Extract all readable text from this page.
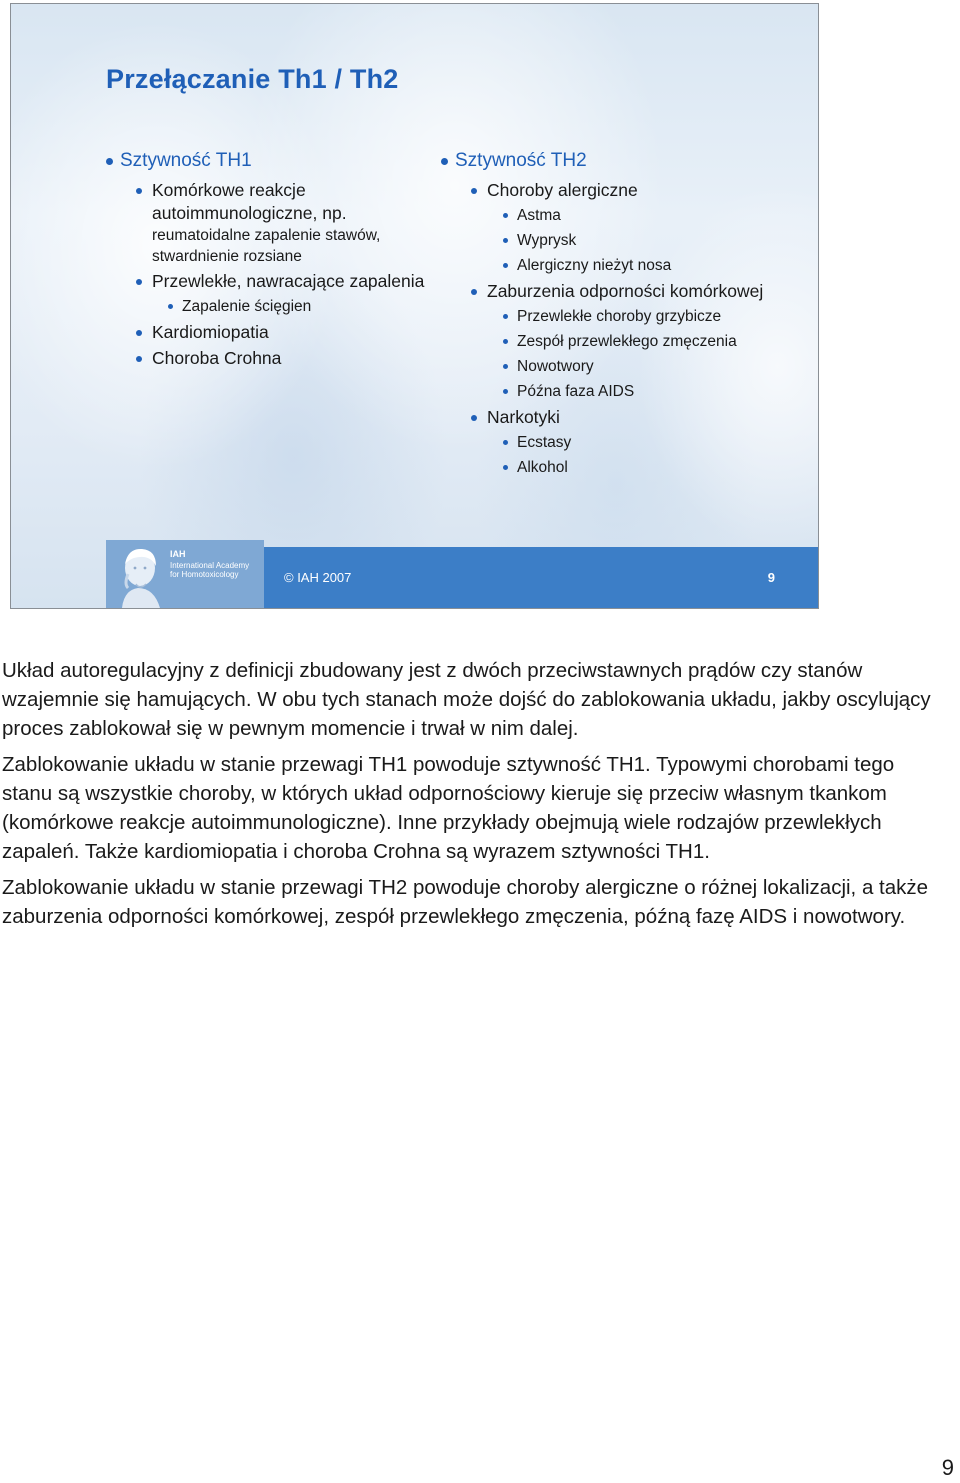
Przełączanie Th1 / Th2

Sztywność TH1

Komórkowe reakcje autoimmunologiczne, np.
reumatoidalne zapalenie stawów, stwardnienie rozsiane

Przewlekłe, nawracające zapalenia

Zapalenie ścięgien

Kardiomiopatia

Choroba Crohna

Sztywność TH2

Choroby alergiczne

Astma

Wyprysk

Alergiczny nieżyt nosa

Zaburzenia odporności komórkowej

Przewlekłe choroby grzybicze

Zespół przewlekłego zmęczenia

Nowotwory

Późna faza AIDS

Narkotyki

Ecstasy

Alkohol

IAH
International Academy
for Homotoxicology	© IAH 2007	9

Układ autoregulacyjny z definicji zbudowany jest z dwóch przeciwstawnych prądów czy stanów wzajemnie się hamujących. W obu tych stanach może dojść do zablokowania układu, jakby oscylujący proces zablokował się w pewnym momencie i trwał w nim dalej.

Zablokowanie układu w stanie przewagi TH1 powoduje sztywność TH1. Typowymi chorobami tego stanu są wszystkie choroby, w których układ odpornościowy kieruje się przeciw własnym tkankom (komórkowe reakcje autoimmunologiczne). Inne przykłady obejmują wiele rodzajów przewlekłych zapaleń. Także kardiomiopatia i choroba Crohna są wyrazem sztywności TH1.

Zablokowanie układu w stanie przewagi TH2 powoduje choroby alergiczne o różnej lokalizacji, a także zaburzenia odporności komórkowej, zespół przewlekłego zmęczenia, późną fazę AIDS i nowotwory.

9
